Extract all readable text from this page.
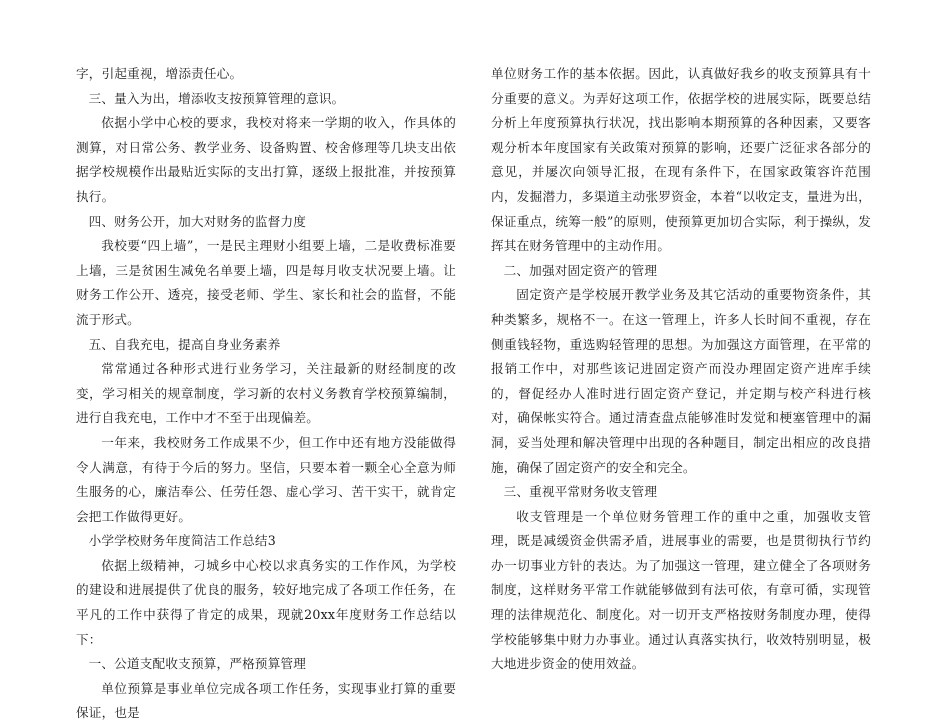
字，引起重视，增添责任心。

三、量入为出，增添收支按预算管理的意识。

依据小学中心校的要求，我校对将来一学期的收入，作具体的测算，对日常公务、教学业务、设备购置、校舍修理等几块支出依据学校规模作出最贴近实际的支出打算，逐级上报批准，并按预算执行。

四、财务公开，加大对财务的监督力度

我校要“四上墙”，一是民主理财小组要上墙，二是收费标准要上墙，三是贫困生减免名单要上墙，四是每月收支状况要上墙。让财务工作公开、透亮，接受老师、学生、家长和社会的监督，不能流于形式。

五、自我充电，提高自身业务素养

常常通过各种形式进行业务学习，关注最新的财经制度的改变，学习相关的规章制度，学习新的农村义务教育学校预算编制，进行自我充电，工作中才不至于出现偏差。

一年来，我校财务工作成果不少，但工作中还有地方没能做得令人满意，有待于今后的努力。坚信，只要本着一颗全心全意为师生服务的心，廉洁奉公、任劳任怨、虚心学习、苦干实干，就肯定会把工作做得更好。

小学学校财务年度简洁工作总结3

依据上级精神，刁城乡中心校以求真务实的工作作风，为学校的建设和进展提供了优良的服务，较好地完成了各项工作任务，在平凡的工作中获得了肯定的成果，现就20xx年度财务工作总结以下：

一、公道支配收支预算，严格预算管理

单位预算是事业单位完成各项工作任务，实现事业打算的重要保证，也是

单位财务工作的基本依据。因此，认真做好我乡的收支预算具有十分重要的意义。为弄好这项工作，依据学校的进展实际，既要总结分析上年度预算执行状况，找出影响本期预算的各种因素，又要客观分析本年度国家有关政策对预算的影响，还要广泛征求各部分的意见，并屡次向领导汇报，在现有条件下，在国家政策容许范围内，发掘潜力，多渠道主动张罗资金，本着“以收定支，量进为出，保证重点，统筹一般”的原则，使预算更加切合实际，利于操纵，发挥其在财务管理中的主动作用。

二、加强对固定资产的管理

固定资产是学校展开教学业务及其它活动的重要物资条件，其种类繁多，规格不一。在这一管理上，许多人长时间不重视，存在侧重钱轻物，重选购轻管理的思想。为加强这方面管理，在平常的报销工作中，对那些该记进固定资产而没办理固定资产进库手续的，督促经办人准时进行固定资产登记，并定期与校产科进行核对，确保帐实符合。通过清查盘点能够准时发觉和梗塞管理中的漏洞，妥当处理和解决管理中出现的各种题目，制定出相应的改良措施，确保了固定资产的安全和完全。

三、重视平常财务收支管理

收支管理是一个单位财务管理工作的重中之重，加强收支管理，既是减缓资金供需矛盾，进展事业的需要，也是贯彻执行节约办一切事业方针的表达。为了加强这一管理，建立健全了各项财务制度，这样财务平常工作就能够做到有法可依，有章可循，实现管理的法律规范化、制度化。对一切开支严格按财务制度办理，使得学校能够集中财力办事业。通过认真落实执行，收效特别明显，极大地进步资金的使用效益。
